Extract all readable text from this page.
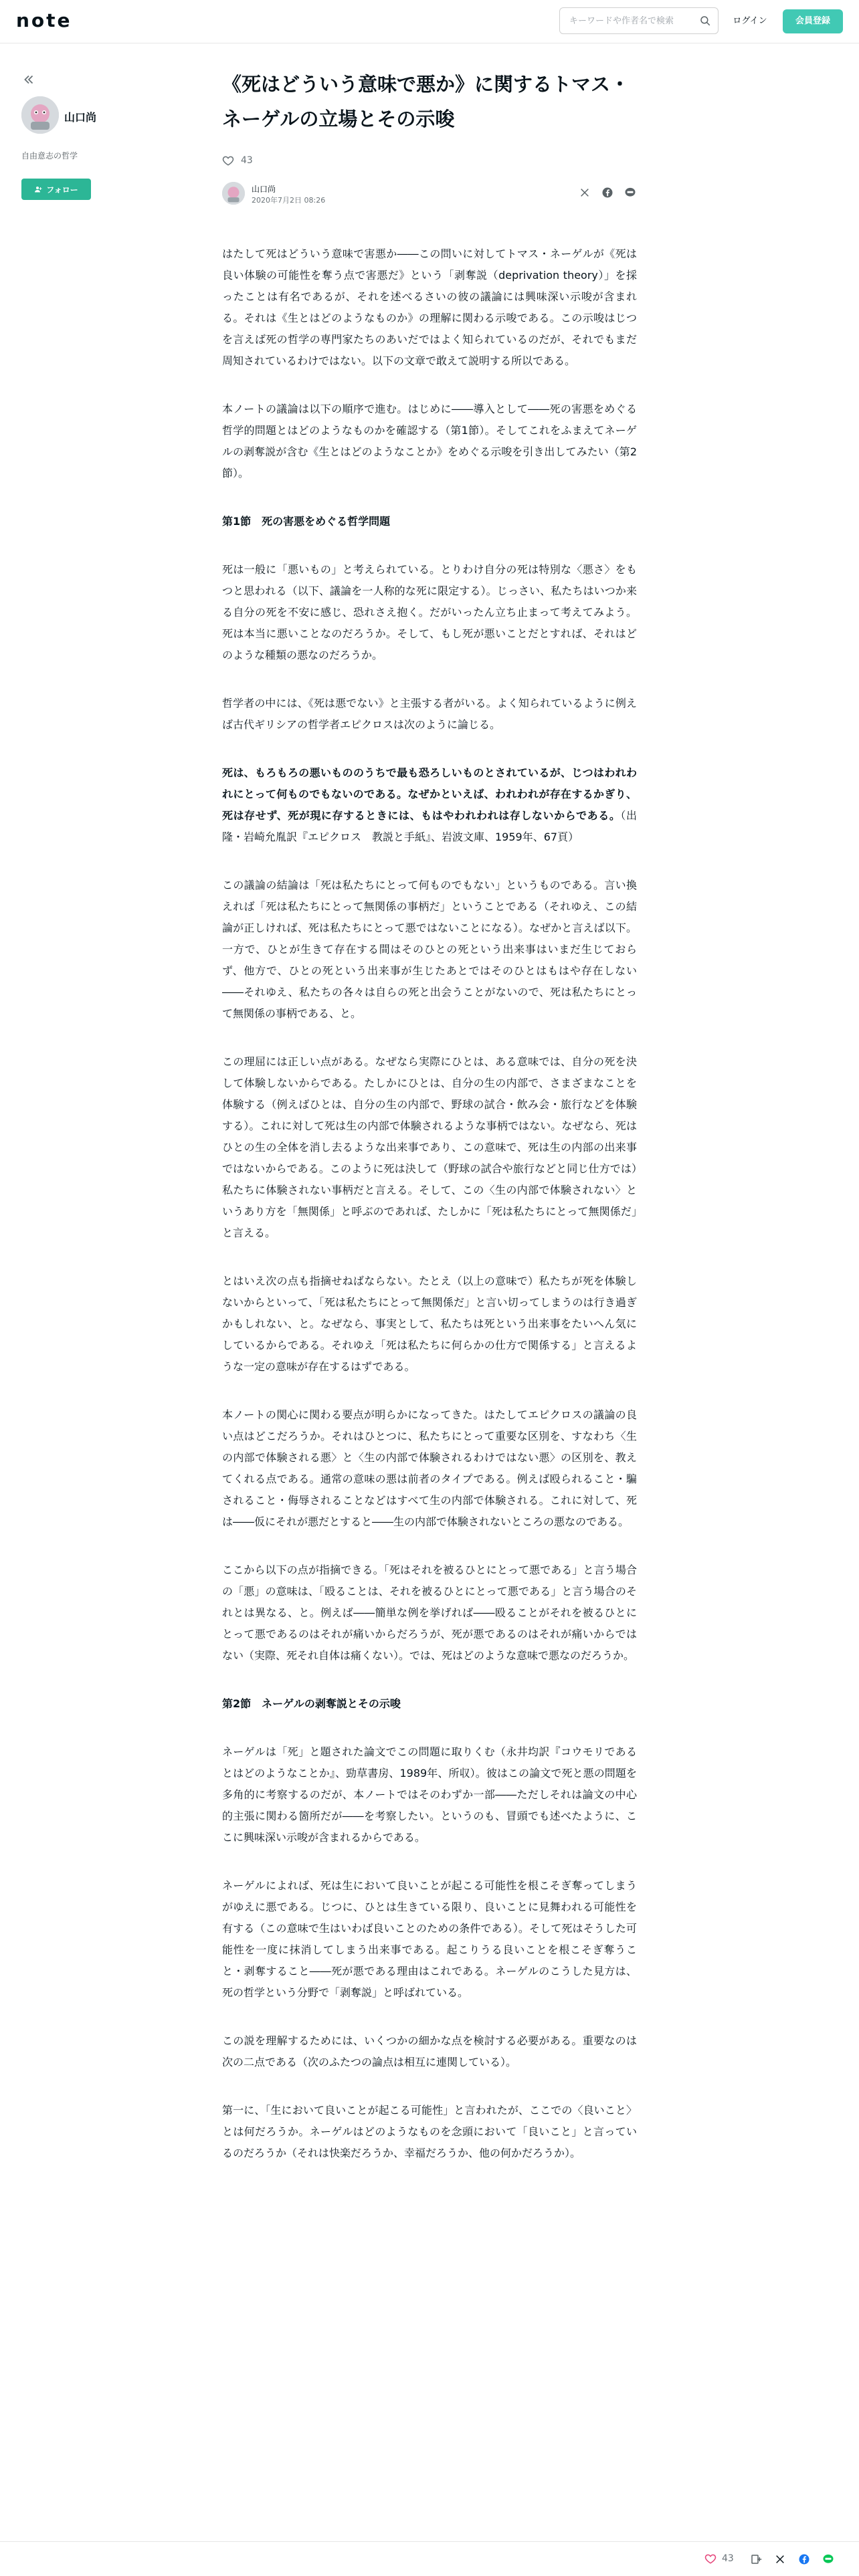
note
キーワードや作者名で検索	ログイン	会員登録
山口尚
自由意志の哲学
フォロー
《死はどういう意味で悪か》に関するトマス・ネーゲルの立場とその示唆
43
山口尚
2020年7月2日 08:26

はたして死はどういう意味で害悪か――この問いに対してトマス・ネーゲルが《死は良い体験の可能性を奪う点で害悪だ》という「剥奪説（deprivation theory）」を採ったことは有名であるが、それを述べるさいの彼の議論には興味深い示唆が含まれる。それは《生とはどのようなものか》の理解に関わる示唆である。この示唆はじつを言えば死の哲学の専門家たちのあいだではよく知られているのだが、それでもまだ周知されているわけではない。以下の文章で敢えて説明する所以である。

本ノートの議論は以下の順序で進む。はじめに――導入として――死の害悪をめぐる哲学的問題とはどのようなものかを確認する（第1節）。そしてこれをふまえてネーゲルの剥奪説が含む《生とはどのようなことか》をめぐる示唆を引き出してみたい（第2節）。

第1節　死の害悪をめぐる哲学問題

死は一般に「悪いもの」と考えられている。とりわけ自分の死は特別な〈悪さ〉をもつと思われる（以下、議論を一人称的な死に限定する）。じっさい、私たちはいつか来る自分の死を不安に感じ、恐れさえ抱く。だがいったん立ち止まって考えてみよう。死は本当に悪いことなのだろうか。そして、もし死が悪いことだとすれば、それはどのような種類の悪なのだろうか。

哲学者の中には、《死は悪でない》と主張する者がいる。よく知られているように例えば古代ギリシアの哲学者エピクロスは次のように論じる。

死は、もろもろの悪いもののうちで最も恐ろしいものとされているが、じつはわれわれにとって何ものでもないのである。なぜかといえば、われわれが存在するかぎり、死は存せず、死が現に存するときには、もはやわれわれは存しないからである。（出隆・岩崎允胤訳『エピクロス　教説と手紙』、岩波文庫、1959年、67頁）

この議論の結論は「死は私たちにとって何ものでもない」というものである。言い換えれば「死は私たちにとって無関係の事柄だ」ということである（それゆえ、この結論が正しければ、死は私たちにとって悪ではないことになる）。なぜかと言えば以下。一方で、ひとが生きて存在する間はそのひとの死という出来事はいまだ生じておらず、他方で、ひとの死という出来事が生じたあとではそのひとはもはや存在しない――それゆえ、私たちの各々は自らの死と出会うことがないので、死は私たちにとって無関係の事柄である、と。

この理屈には正しい点がある。なぜなら実際にひとは、ある意味では、自分の死を決して体験しないからである。たしかにひとは、自分の生の内部で、さまざまなことを体験する（例えばひとは、自分の生の内部で、野球の試合・飲み会・旅行などを体験する）。これに対して死は生の内部で体験されるような事柄ではない。なぜなら、死はひとの生の全体を消し去るような出来事であり、この意味で、死は生の内部の出来事ではないからである。このように死は決して（野球の試合や旅行などと同じ仕方では）私たちに体験されない事柄だと言える。そして、この〈生の内部で体験されない〉というあり方を「無関係」と呼ぶのであれば、たしかに「死は私たちにとって無関係だ」と言える。

とはいえ次の点も指摘せねばならない。たとえ（以上の意味で）私たちが死を体験しないからといって、「死は私たちにとって無関係だ」と言い切ってしまうのは行き過ぎかもしれない、と。なぜなら、事実として、私たちは死という出来事をたいへん気にしているからである。それゆえ「死は私たちに何らかの仕方で関係する」と言えるような一定の意味が存在するはずである。

本ノートの関心に関わる要点が明らかになってきた。はたしてエピクロスの議論の良い点はどこだろうか。それはひとつに、私たちにとって重要な区別を、すなわち〈生の内部で体験される悪〉と〈生の内部で体験されるわけではない悪〉の区別を、教えてくれる点である。通常の意味の悪は前者のタイプである。例えば殴られること・騙されること・侮辱されることなどはすべて生の内部で体験される。これに対して、死は――仮にそれが悪だとすると――生の内部で体験されないところの悪なのである。

ここから以下の点が指摘できる。「死はそれを被るひとにとって悪である」と言う場合の「悪」の意味は、「殴ることは、それを被るひとにとって悪である」と言う場合のそれとは異なる、と。例えば――簡単な例を挙げれば――殴ることがそれを被るひとにとって悪であるのはそれが痛いからだろうが、死が悪であるのはそれが痛いからではない（実際、死それ自体は痛くない）。では、死はどのような意味で悪なのだろうか。

第2節　ネーゲルの剥奪説とその示唆

ネーゲルは「死」と題された論文でこの問題に取りくむ（永井均訳『コウモリであるとはどのようなことか』、勁草書房、1989年、所収）。彼はこの論文で死と悪の問題を多角的に考察するのだが、本ノートではそのわずか一部――ただしそれは論文の中心的主張に関わる箇所だが――を考察したい。というのも、冒頭でも述べたように、ここに興味深い示唆が含まれるからである。

ネーゲルによれば、死は生において良いことが起こる可能性を根こそぎ奪ってしまうがゆえに悪である。じつに、ひとは生きている限り、良いことに見舞われる可能性を有する（この意味で生はいわば良いことのための条件である）。そして死はそうした可能性を一度に抹消してしまう出来事である。起こりうる良いことを根こそぎ奪うこと・剥奪すること――死が悪である理由はこれである。ネーゲルのこうした見方は、死の哲学という分野で「剥奪説」と呼ばれている。

この説を理解するためには、いくつかの細かな点を検討する必要がある。重要なのは次の二点である（次のふたつの論点は相互に連関している）。

第一に、「生において良いことが起こる可能性」と言われたが、ここでの〈良いこと〉とは何だろうか。ネーゲルはどのようなものを念頭において「良いこと」と言っているのだろうか（それは快楽だろうか、幸福だろうか、他の何かだろうか）。

43
